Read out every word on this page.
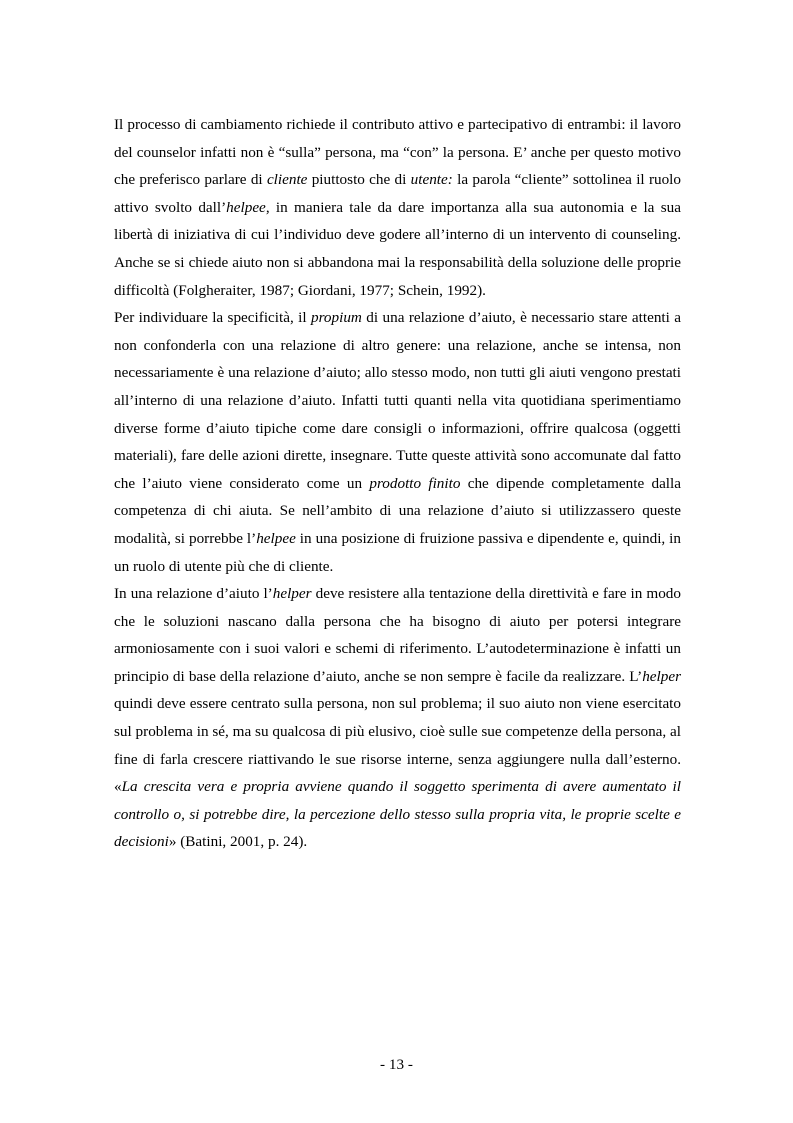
Il processo di cambiamento richiede il contributo attivo e partecipativo di entrambi: il lavoro del counselor infatti non è “sulla” persona, ma “con” la persona. E’ anche per questo motivo che preferisco parlare di cliente piuttosto che di utente: la parola “cliente” sottolinea il ruolo attivo svolto dall’helpee, in maniera tale da dare importanza alla sua autonomia e la sua libertà di iniziativa di cui l’individuo deve godere all’interno di un intervento di counseling. Anche se si chiede aiuto non si abbandona mai la responsabilità della soluzione delle proprie difficoltà (Folgheraiter, 1987; Giordani, 1977; Schein, 1992).

Per individuare la specificità, il propium di una relazione d’aiuto, è necessario stare attenti a non confonderla con una relazione di altro genere: una relazione, anche se intensa, non necessariamente è una relazione d’aiuto; allo stesso modo, non tutti gli aiuti vengono prestati all’interno di una relazione d’aiuto. Infatti tutti quanti nella vita quotidiana sperimentiamo diverse forme d’aiuto tipiche come dare consigli o informazioni, offrire qualcosa (oggetti materiali), fare delle azioni dirette, insegnare. Tutte queste attività sono accomunate dal fatto che l’aiuto viene considerato come un prodotto finito che dipende completamente dalla competenza di chi aiuta. Se nell’ambito di una relazione d’aiuto si utilizzassero queste modalità, si porrebbe l’helpee in una posizione di fruizione passiva e dipendente e, quindi, in un ruolo di utente più che di cliente.

In una relazione d’aiuto l’helper deve resistere alla tentazione della direttività e fare in modo che le soluzioni nascano dalla persona che ha bisogno di aiuto per potersi integrare armoniosamente con i suoi valori e schemi di riferimento. L’autodeterminazione è infatti un principio di base della relazione d’aiuto, anche se non sempre è facile da realizzare. L’helper quindi deve essere centrato sulla persona, non sul problema; il suo aiuto non viene esercitato sul problema in sé, ma su qualcosa di più elusivo, cioè sulle sue competenze della persona, al fine di farla crescere riattivando le sue risorse interne, senza aggiungere nulla dall’esterno. «La crescita vera e propria avviene quando il soggetto sperimenta di avere aumentato il controllo o, si potrebbe dire, la percezione dello stesso sulla propria vita, le proprie scelte e decisioni» (Batini, 2001, p. 24).

- 13 -
